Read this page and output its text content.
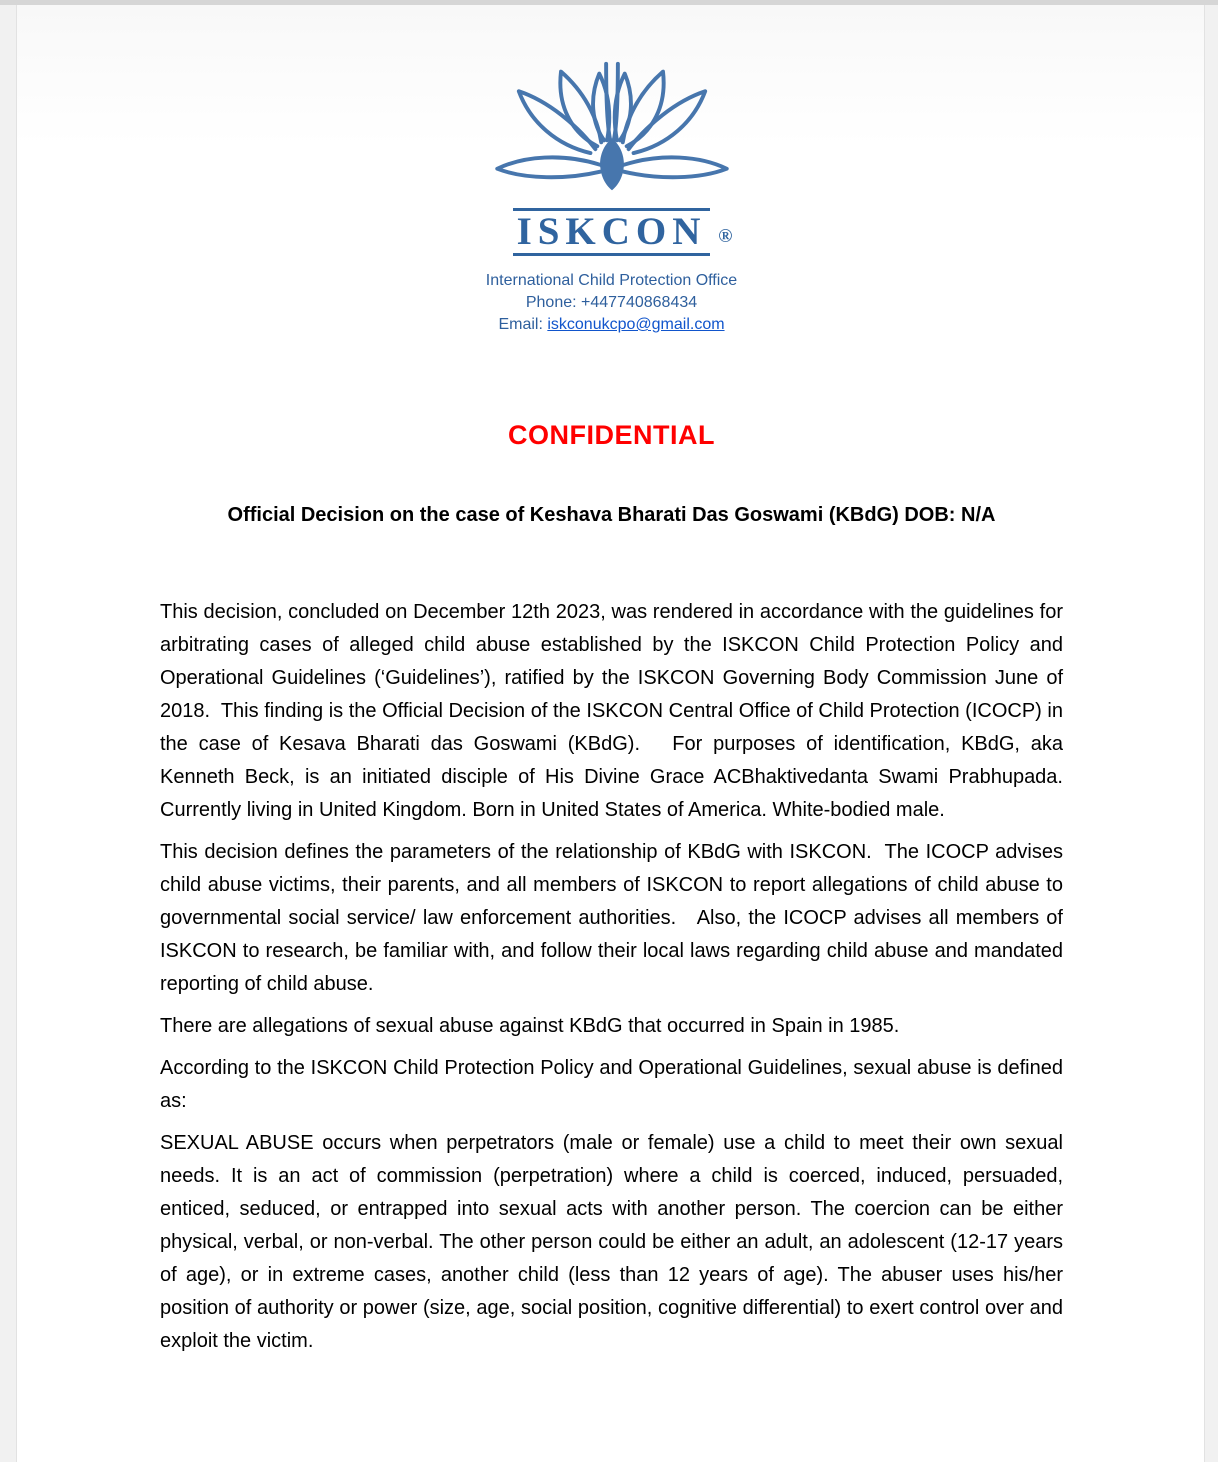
ISKCON ®
International Child Protection Office
Phone: +447740868434
Email: iskconukcpo@gmail.com
CONFIDENTIAL
Official Decision on the case of Keshava Bharati Das Goswami (KBdG) DOB: N/A

This decision, concluded on December 12th 2023, was rendered in accordance with the guidelines for arbitrating cases of alleged child abuse established by the ISKCON Child Protection Policy and Operational Guidelines (‘Guidelines’), ratified by the ISKCON Governing Body Commission June of 2018.  This finding is the Official Decision of the ISKCON Central Office of Child Protection (ICOCP) in the case of Kesava Bharati das Goswami (KBdG).   For purposes of identification, KBdG, aka Kenneth Beck, is an initiated disciple of His Divine Grace ACBhaktivedanta Swami Prabhupada. Currently living in United Kingdom. Born in United States of America. White-bodied male.

This decision defines the parameters of the relationship of KBdG with ISKCON.  The ICOCP advises child abuse victims, their parents, and all members of ISKCON to report allegations of child abuse to governmental social service/ law enforcement authorities.   Also, the ICOCP advises all members of ISKCON to research, be familiar with, and follow their local laws regarding child abuse and mandated reporting of child abuse.

There are allegations of sexual abuse against KBdG that occurred in Spain in 1985.

According to the ISKCON Child Protection Policy and Operational Guidelines, sexual abuse is defined as:

SEXUAL ABUSE occurs when perpetrators (male or female) use a child to meet their own sexual needs. It is an act of commission (perpetration) where a child is coerced, induced, persuaded, enticed, seduced, or entrapped into sexual acts with another person. The coercion can be either physical, verbal, or non-verbal. The other person could be either an adult, an adolescent (12-17 years of age), or in extreme cases, another child (less than 12 years of age). The abuser uses his/her position of authority or power (size, age, social position, cognitive differential) to exert control over and exploit the victim.
